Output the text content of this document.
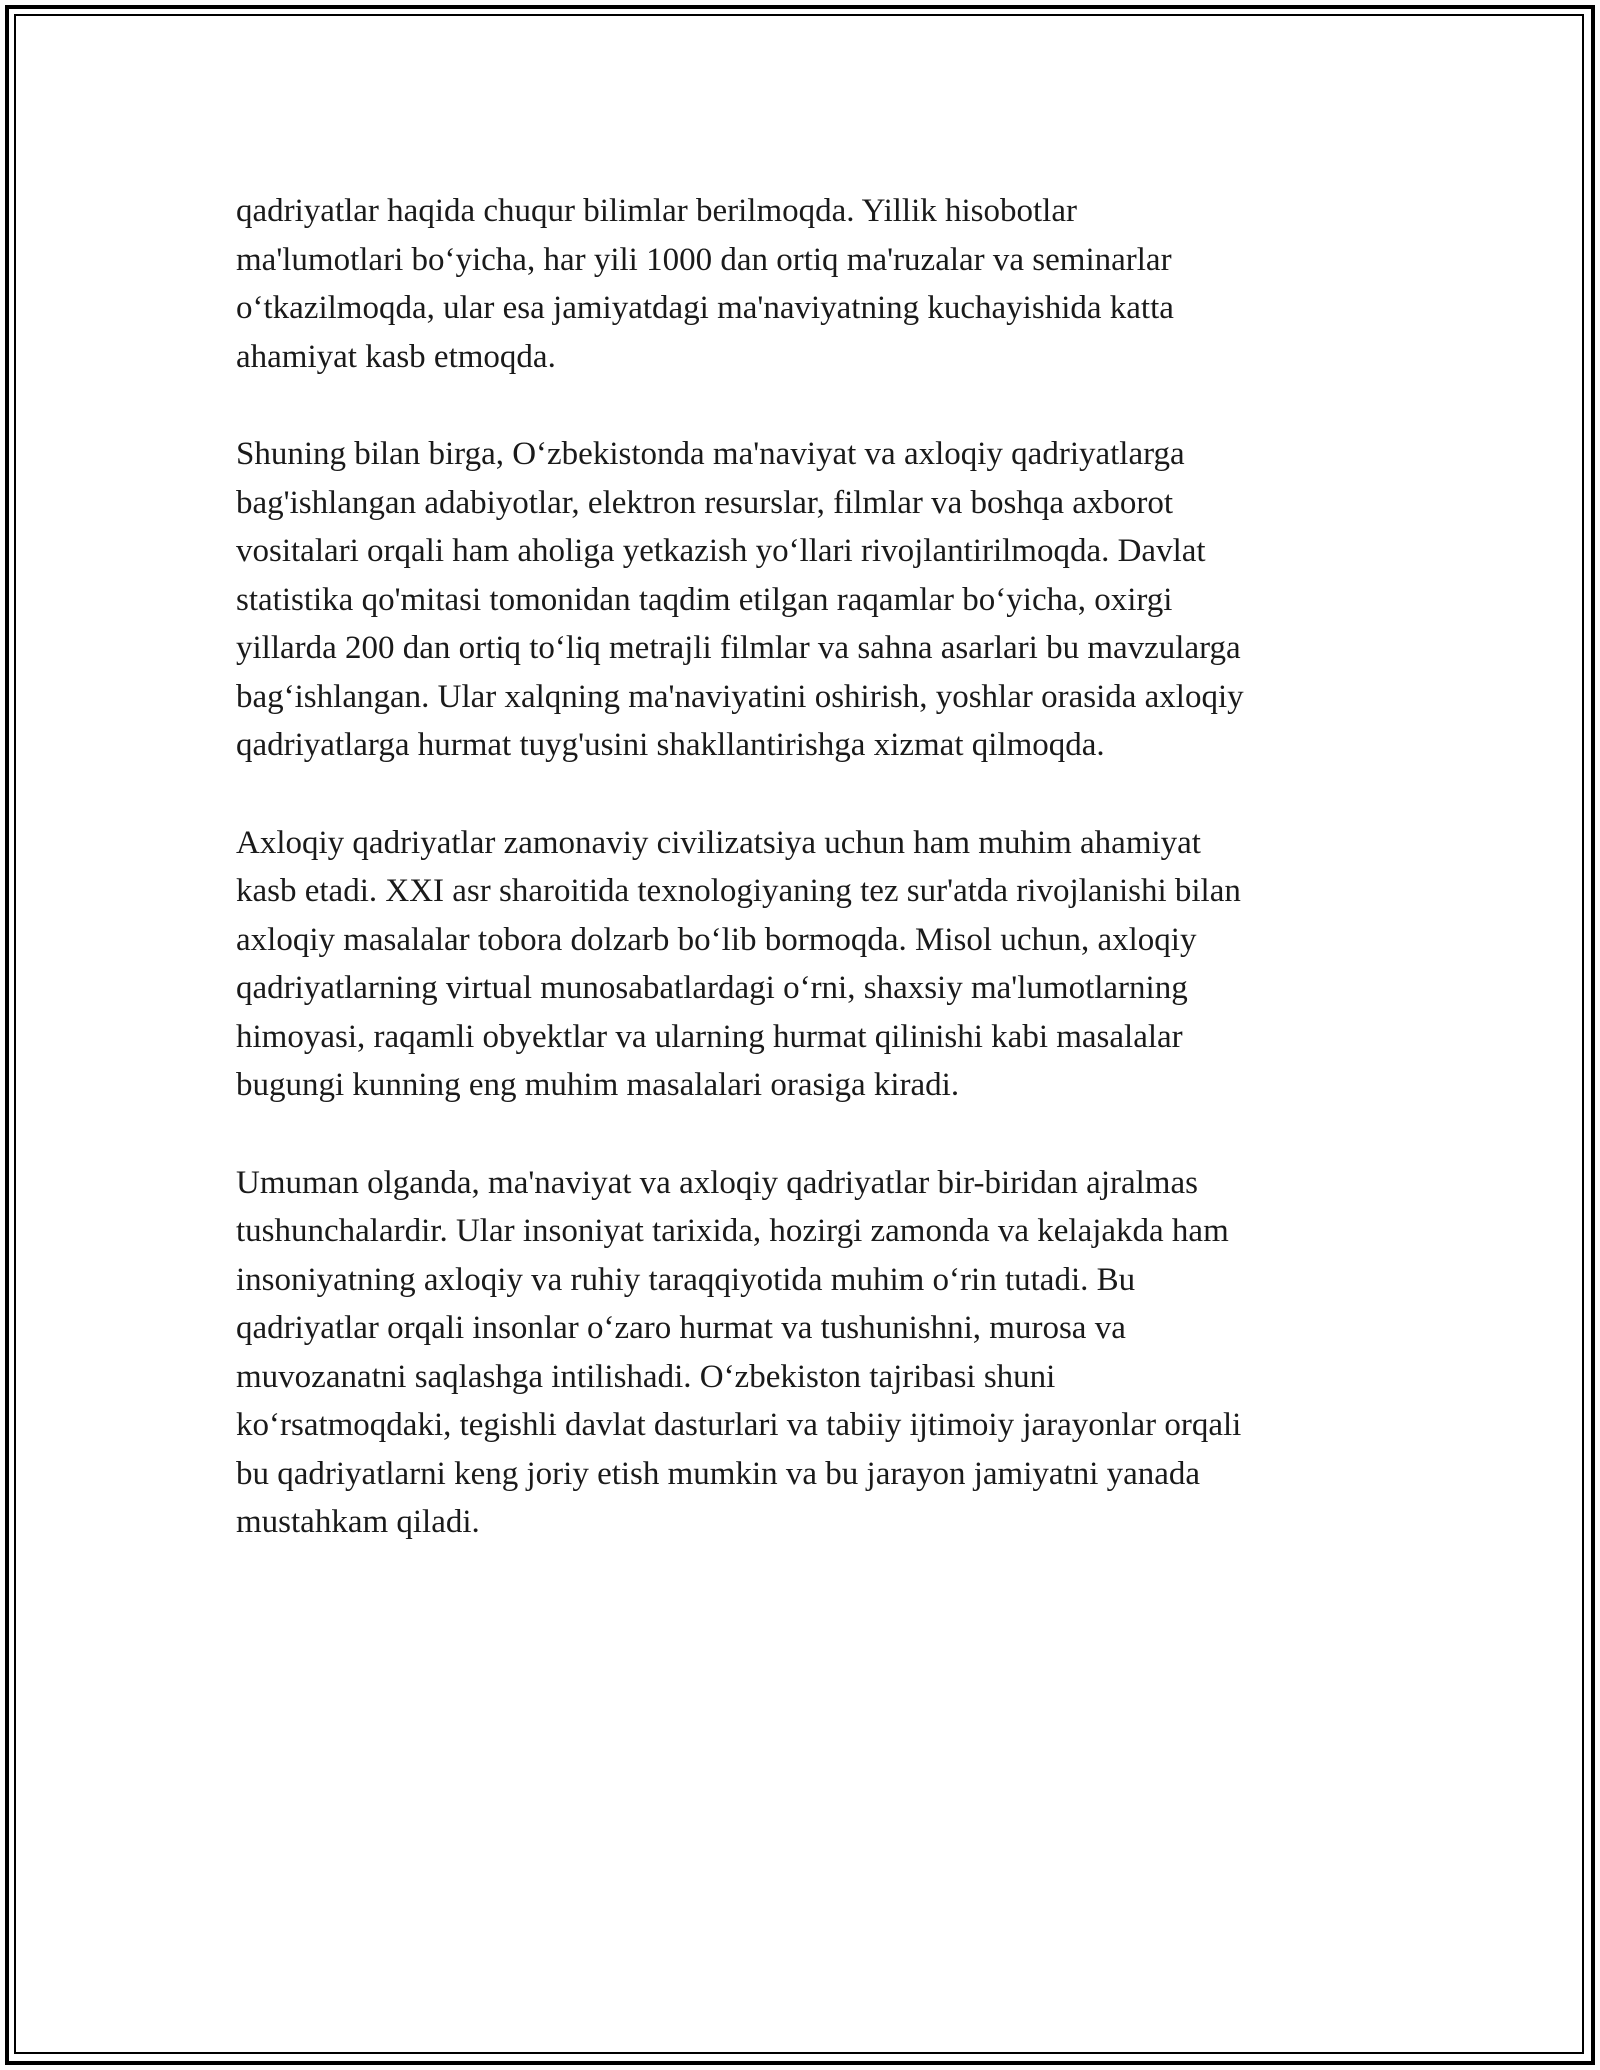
qadriyatlar haqida chuqur bilimlar berilmoqda. Yillik hisobotlar
ma'lumotlari bo‘yicha, har yili 1000 dan ortiq ma'ruzalar va seminarlar
o‘tkazilmoqda, ular esa jamiyatdagi ma'naviyatning kuchayishida katta
ahamiyat kasb etmoqda.

Shuning bilan birga, O‘zbekistonda ma'naviyat va axloqiy qadriyatlarga
bag'ishlangan adabiyotlar, elektron resurslar, filmlar va boshqa axborot
vositalari orqali ham aholiga yetkazish yo‘llari rivojlantirilmoqda. Davlat
statistika qo'mitasi tomonidan taqdim etilgan raqamlar bo‘yicha, oxirgi
yillarda 200 dan ortiq to‘liq metrajli filmlar va sahna asarlari bu mavzularga
bag‘ishlangan. Ular xalqning ma'naviyatini oshirish, yoshlar orasida axloqiy
qadriyatlarga hurmat tuyg'usini shakllantirishga xizmat qilmoqda.

Axloqiy qadriyatlar zamonaviy civilizatsiya uchun ham muhim ahamiyat
kasb etadi. XXI asr sharoitida texnologiyaning tez sur'atda rivojlanishi bilan
axloqiy masalalar tobora dolzarb bo‘lib bormoqda. Misol uchun, axloqiy
qadriyatlarning virtual munosabatlardagi o‘rni, shaxsiy ma'lumotlarning
himoyasi, raqamli obyektlar va ularning hurmat qilinishi kabi masalalar
bugungi kunning eng muhim masalalari orasiga kiradi.

Umuman olganda, ma'naviyat va axloqiy qadriyatlar bir-biridan ajralmas
tushunchalardir. Ular insoniyat tarixida, hozirgi zamonda va kelajakda ham
insoniyatning axloqiy va ruhiy taraqqiyotida muhim o‘rin tutadi. Bu
qadriyatlar orqali insonlar o‘zaro hurmat va tushunishni, murosa va
muvozanatni saqlashga intilishadi. O‘zbekiston tajribasi shuni
ko‘rsatmoqdaki, tegishli davlat dasturlari va tabiiy ijtimoiy jarayonlar orqali
bu qadriyatlarni keng joriy etish mumkin va bu jarayon jamiyatni yanada
mustahkam qiladi.
